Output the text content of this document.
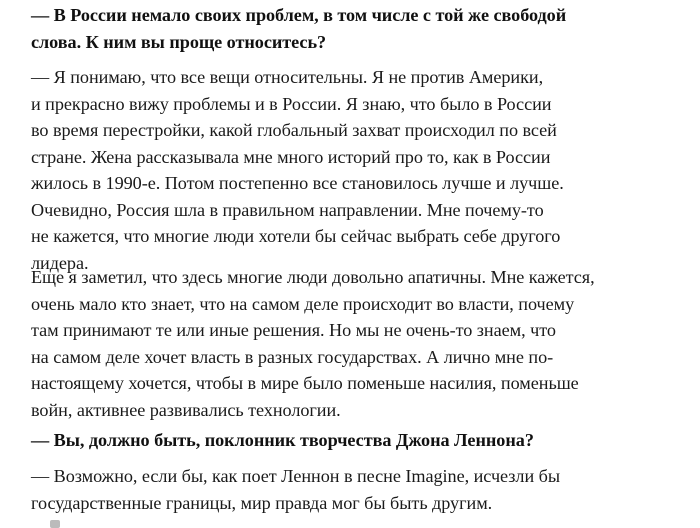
— В России немало своих проблем, в том числе с той же свободой
слова. К ним вы проще относитесь?
— Я понимаю, что все вещи относительны. Я не против Америки,
и прекрасно вижу проблемы и в России. Я знаю, что было в России
во время перестройки, какой глобальный захват происходил по всей
стране. Жена рассказывала мне много историй про то, как в России
жилось в 1990-е. Потом постепенно все становилось лучше и лучше.
Очевидно, Россия шла в правильном направлении. Мне почему-то
не кажется, что многие люди хотели бы сейчас выбрать себе другого
лидера.
Еще я заметил, что здесь многие люди довольно апатичны. Мне кажется,
очень мало кто знает, что на самом деле происходит во власти, почему
там принимают те или иные решения. Но мы не очень-то знаем, что
на самом деле хочет власть в разных государствах. А лично мне по-
настоящему хочется, чтобы в мире было поменьше насилия, поменьше
войн, активнее развивались технологии.
— Вы, должно быть, поклонник творчества Джона Леннона?
— Возможно, если бы, как поет Леннон в песне Imagine, исчезли бы
государственные границы, мир правда мог бы быть другим.
